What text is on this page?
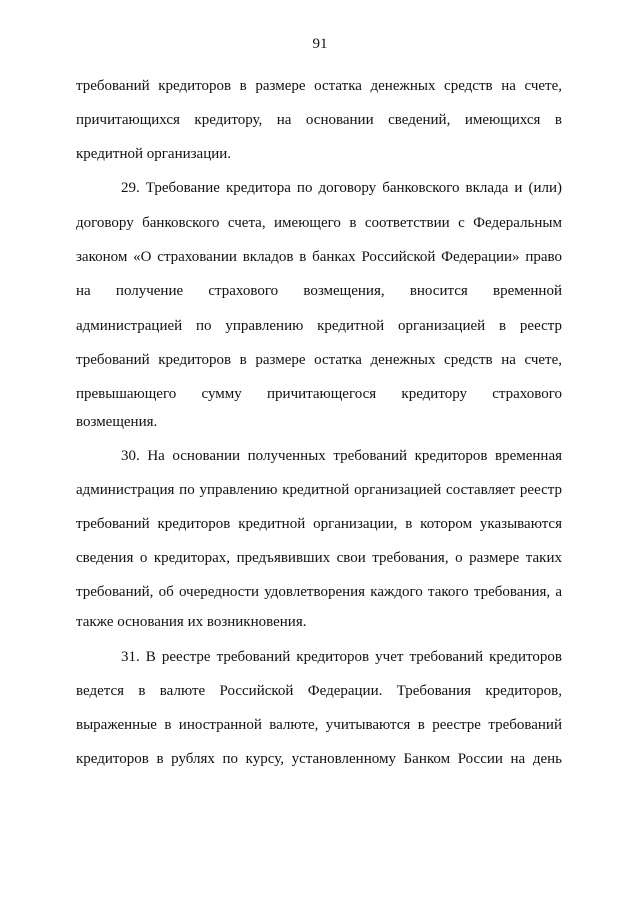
91
требований кредиторов в размере остатка денежных средств на счете,
причитающихся кредитору, на основании сведений, имеющихся в
кредитной организации.
29. Требование кредитора по договору банковского вклада и (или)
договору банковского счета, имеющего в соответствии с Федеральным
законом «О страховании вкладов в банках Российской Федерации» право
на получение страхового возмещения, вносится временной
администрацией по управлению кредитной организацией в реестр
требований кредиторов в размере остатка денежных средств на счете,
превышающего сумму причитающегося кредитору страхового
возмещения.
30. На основании полученных требований кредиторов временная
администрация по управлению кредитной организацией составляет реестр
требований кредиторов кредитной организации, в котором указываются
сведения о кредиторах, предъявивших свои требования, о размере таких
требований, об очередности удовлетворения каждого такого требования, а
также основания их возникновения.
31. В реестре требований кредиторов учет требований кредиторов
ведется в валюте Российской Федерации. Требования кредиторов,
выраженные в иностранной валюте, учитываются в реестре требований
кредиторов в рублях по курсу, установленному Банком России на день
